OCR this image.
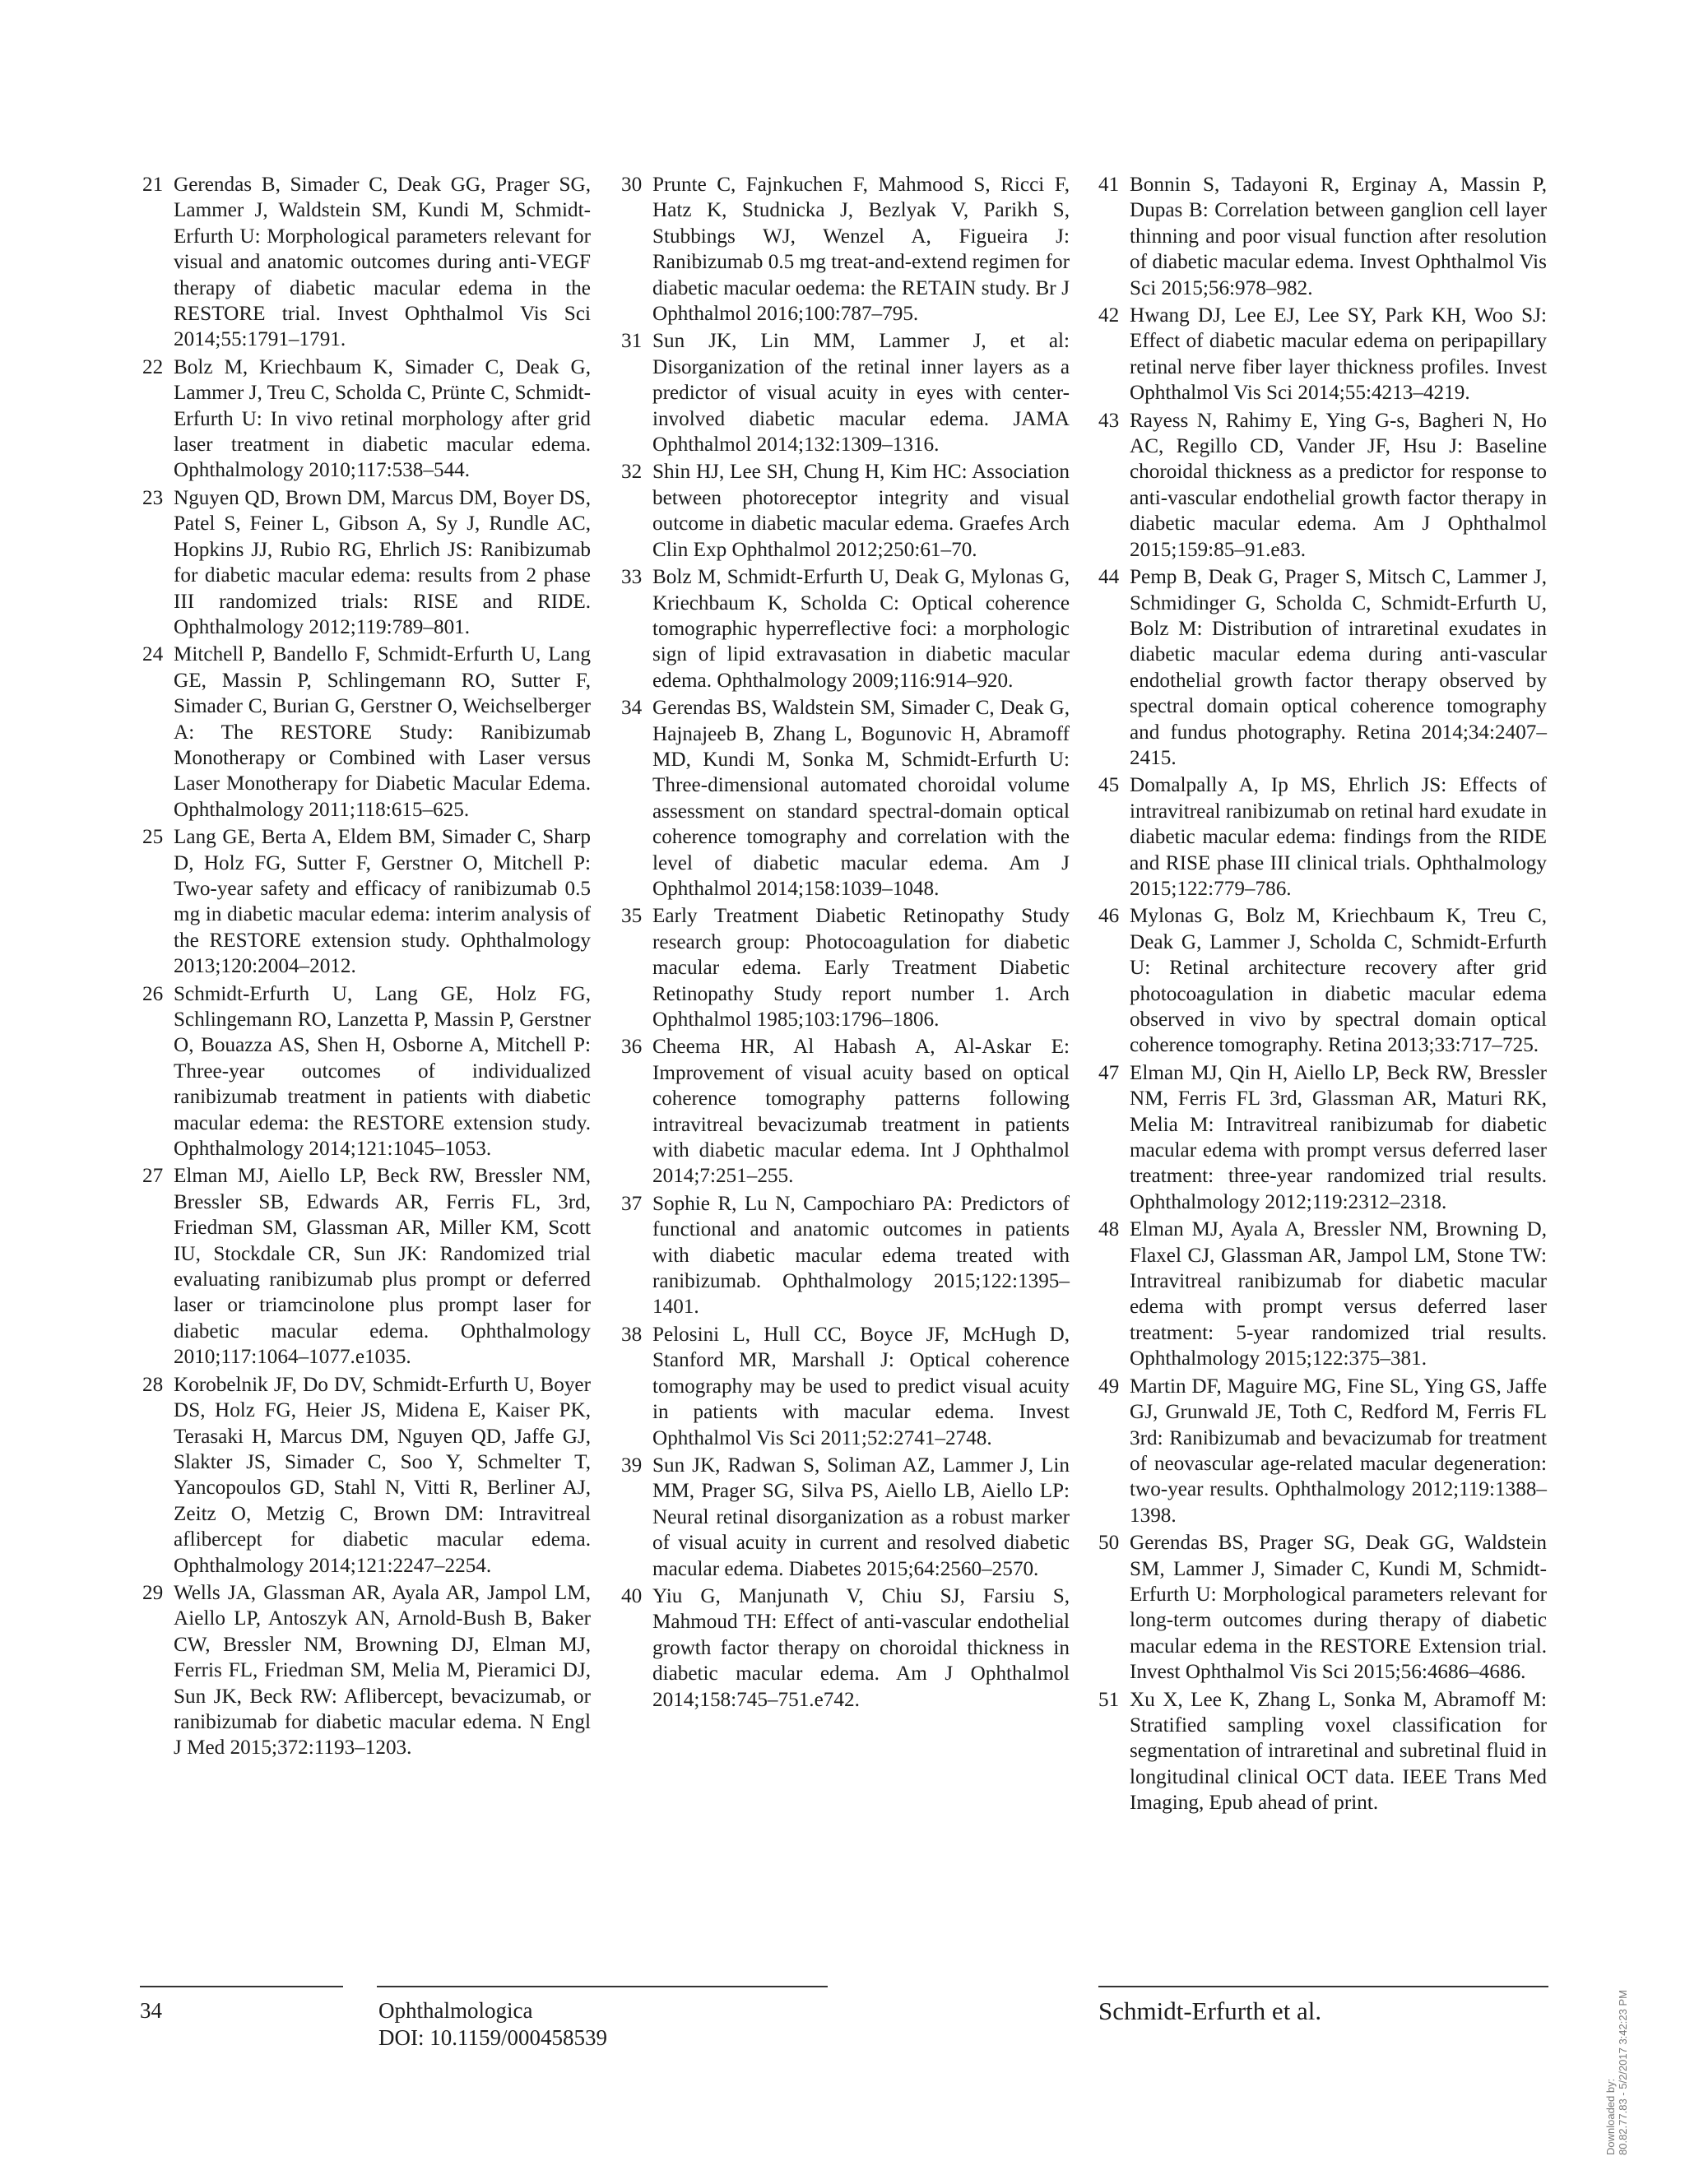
21 Gerendas B, Simader C, Deak GG, Prager SG, Lammer J, Waldstein SM, Kundi M, Schmidt-Erfurth U: Morphological parameters relevant for visual and anatomic outcomes during anti-VEGF therapy of diabetic macular edema in the RESTORE trial. Invest Ophthalmol Vis Sci 2014;55:1791–1791.
22 Bolz M, Kriechbaum K, Simader C, Deak G, Lammer J, Treu C, Scholda C, Prünte C, Schmidt-Erfurth U: In vivo retinal morphology after grid laser treatment in diabetic macular edema. Ophthalmology 2010;117:538–544.
23 Nguyen QD, Brown DM, Marcus DM, Boyer DS, Patel S, Feiner L, Gibson A, Sy J, Rundle AC, Hopkins JJ, Rubio RG, Ehrlich JS: Ranibizumab for diabetic macular edema: results from 2 phase III randomized trials: RISE and RIDE. Ophthalmology 2012;119:789–801.
24 Mitchell P, Bandello F, Schmidt-Erfurth U, Lang GE, Massin P, Schlingemann RO, Sutter F, Simader C, Burian G, Gerstner O, Weichselberger A: The RESTORE Study: Ranibizumab Monotherapy or Combined with Laser versus Laser Monotherapy for Diabetic Macular Edema. Ophthalmology 2011;118:615–625.
25 Lang GE, Berta A, Eldem BM, Simader C, Sharp D, Holz FG, Sutter F, Gerstner O, Mitchell P: Two-year safety and efficacy of ranibizumab 0.5 mg in diabetic macular edema: interim analysis of the RESTORE extension study. Ophthalmology 2013;120:2004–2012.
26 Schmidt-Erfurth U, Lang GE, Holz FG, Schlingemann RO, Lanzetta P, Massin P, Gerstner O, Bouazza AS, Shen H, Osborne A, Mitchell P: Three-year outcomes of individualized ranibizumab treatment in patients with diabetic macular edema: the RESTORE extension study. Ophthalmology 2014;121:1045–1053.
27 Elman MJ, Aiello LP, Beck RW, Bressler NM, Bressler SB, Edwards AR, Ferris FL, 3rd, Friedman SM, Glassman AR, Miller KM, Scott IU, Stockdale CR, Sun JK: Randomized trial evaluating ranibizumab plus prompt or deferred laser or triamcinolone plus prompt laser for diabetic macular edema. Ophthalmology 2010;117:1064–1077.e1035.
28 Korobelnik JF, Do DV, Schmidt-Erfurth U, Boyer DS, Holz FG, Heier JS, Midena E, Kaiser PK, Terasaki H, Marcus DM, Nguyen QD, Jaffe GJ, Slakter JS, Simader C, Soo Y, Schmelter T, Yancopoulos GD, Stahl N, Vitti R, Berliner AJ, Zeitz O, Metzig C, Brown DM: Intravitreal aflibercept for diabetic macular edema. Ophthalmology 2014;121:2247–2254.
29 Wells JA, Glassman AR, Ayala AR, Jampol LM, Aiello LP, Antoszyk AN, Arnold-Bush B, Baker CW, Bressler NM, Browning DJ, Elman MJ, Ferris FL, Friedman SM, Melia M, Pieramici DJ, Sun JK, Beck RW: Aflibercept, bevacizumab, or ranibizumab for diabetic macular edema. N Engl J Med 2015;372:1193–1203.
30 Prunte C, Fajnkuchen F, Mahmood S, Ricci F, Hatz K, Studnicka J, Bezlyak V, Parikh S, Stubbings WJ, Wenzel A, Figueira J: Ranibizumab 0.5 mg treat-and-extend regimen for diabetic macular oedema: the RETAIN study. Br J Ophthalmol 2016;100:787–795.
31 Sun JK, Lin MM, Lammer J, et al: Disorganization of the retinal inner layers as a predictor of visual acuity in eyes with center-involved diabetic macular edema. JAMA Ophthalmol 2014;132:1309–1316.
32 Shin HJ, Lee SH, Chung H, Kim HC: Association between photoreceptor integrity and visual outcome in diabetic macular edema. Graefes Arch Clin Exp Ophthalmol 2012;250:61–70.
33 Bolz M, Schmidt-Erfurth U, Deak G, Mylonas G, Kriechbaum K, Scholda C: Optical coherence tomographic hyperreflective foci: a morphologic sign of lipid extravasation in diabetic macular edema. Ophthalmology 2009;116:914–920.
34 Gerendas BS, Waldstein SM, Simader C, Deak G, Hajnajeeb B, Zhang L, Bogunovic H, Abramoff MD, Kundi M, Sonka M, Schmidt-Erfurth U: Three-dimensional automated choroidal volume assessment on standard spectral-domain optical coherence tomography and correlation with the level of diabetic macular edema. Am J Ophthalmol 2014;158:1039–1048.
35 Early Treatment Diabetic Retinopathy Study research group: Photocoagulation for diabetic macular edema. Early Treatment Diabetic Retinopathy Study report number 1. Arch Ophthalmol 1985;103:1796–1806.
36 Cheema HR, Al Habash A, Al-Askar E: Improvement of visual acuity based on optical coherence tomography patterns following intravitreal bevacizumab treatment in patients with diabetic macular edema. Int J Ophthalmol 2014;7:251–255.
37 Sophie R, Lu N, Campochiaro PA: Predictors of functional and anatomic outcomes in patients with diabetic macular edema treated with ranibizumab. Ophthalmology 2015;122:1395–1401.
38 Pelosini L, Hull CC, Boyce JF, McHugh D, Stanford MR, Marshall J: Optical coherence tomography may be used to predict visual acuity in patients with macular edema. Invest Ophthalmol Vis Sci 2011;52:2741–2748.
39 Sun JK, Radwan S, Soliman AZ, Lammer J, Lin MM, Prager SG, Silva PS, Aiello LB, Aiello LP: Neural retinal disorganization as a robust marker of visual acuity in current and resolved diabetic macular edema. Diabetes 2015;64:2560–2570.
40 Yiu G, Manjunath V, Chiu SJ, Farsiu S, Mahmoud TH: Effect of anti-vascular endothelial growth factor therapy on choroidal thickness in diabetic macular edema. Am J Ophthalmol 2014;158:745–751.e742.
41 Bonnin S, Tadayoni R, Erginay A, Massin P, Dupas B: Correlation between ganglion cell layer thinning and poor visual function after resolution of diabetic macular edema. Invest Ophthalmol Vis Sci 2015;56:978–982.
42 Hwang DJ, Lee EJ, Lee SY, Park KH, Woo SJ: Effect of diabetic macular edema on peripapillary retinal nerve fiber layer thickness profiles. Invest Ophthalmol Vis Sci 2014;55:4213–4219.
43 Rayess N, Rahimy E, Ying G-s, Bagheri N, Ho AC, Regillo CD, Vander JF, Hsu J: Baseline choroidal thickness as a predictor for response to anti-vascular endothelial growth factor therapy in diabetic macular edema. Am J Ophthalmol 2015;159:85–91.e83.
44 Pemp B, Deak G, Prager S, Mitsch C, Lammer J, Schmidinger G, Scholda C, Schmidt-Erfurth U, Bolz M: Distribution of intraretinal exudates in diabetic macular edema during anti-vascular endothelial growth factor therapy observed by spectral domain optical coherence tomography and fundus photography. Retina 2014;34:2407–2415.
45 Domalpally A, Ip MS, Ehrlich JS: Effects of intravitreal ranibizumab on retinal hard exudate in diabetic macular edema: findings from the RIDE and RISE phase III clinical trials. Ophthalmology 2015;122:779–786.
46 Mylonas G, Bolz M, Kriechbaum K, Treu C, Deak G, Lammer J, Scholda C, Schmidt-Erfurth U: Retinal architecture recovery after grid photocoagulation in diabetic macular edema observed in vivo by spectral domain optical coherence tomography. Retina 2013;33:717–725.
47 Elman MJ, Qin H, Aiello LP, Beck RW, Bressler NM, Ferris FL 3rd, Glassman AR, Maturi RK, Melia M: Intravitreal ranibizumab for diabetic macular edema with prompt versus deferred laser treatment: three-year randomized trial results. Ophthalmology 2012;119:2312–2318.
48 Elman MJ, Ayala A, Bressler NM, Browning D, Flaxel CJ, Glassman AR, Jampol LM, Stone TW: Intravitreal ranibizumab for diabetic macular edema with prompt versus deferred laser treatment: 5-year randomized trial results. Ophthalmology 2015;122:375–381.
49 Martin DF, Maguire MG, Fine SL, Ying GS, Jaffe GJ, Grunwald JE, Toth C, Redford M, Ferris FL 3rd: Ranibizumab and bevacizumab for treatment of neovascular age-related macular degeneration: two-year results. Ophthalmology 2012;119:1388–1398.
50 Gerendas BS, Prager SG, Deak GG, Waldstein SM, Lammer J, Simader C, Kundi M, Schmidt-Erfurth U: Morphological parameters relevant for long-term outcomes during therapy of diabetic macular edema in the RESTORE Extension trial. Invest Ophthalmol Vis Sci 2015;56:4686–4686.
51 Xu X, Lee K, Zhang L, Sonka M, Abramoff M: Stratified sampling voxel classification for segmentation of intraretinal and subretinal fluid in longitudinal clinical OCT data. IEEE Trans Med Imaging, Epub ahead of print.
34	Ophthalmologica
DOI: 10.1159/000458539
Schmidt-Erfurth et al.
Downloaded by: 80.82.77.83 - 5/2/2017 3:42:23 PM
